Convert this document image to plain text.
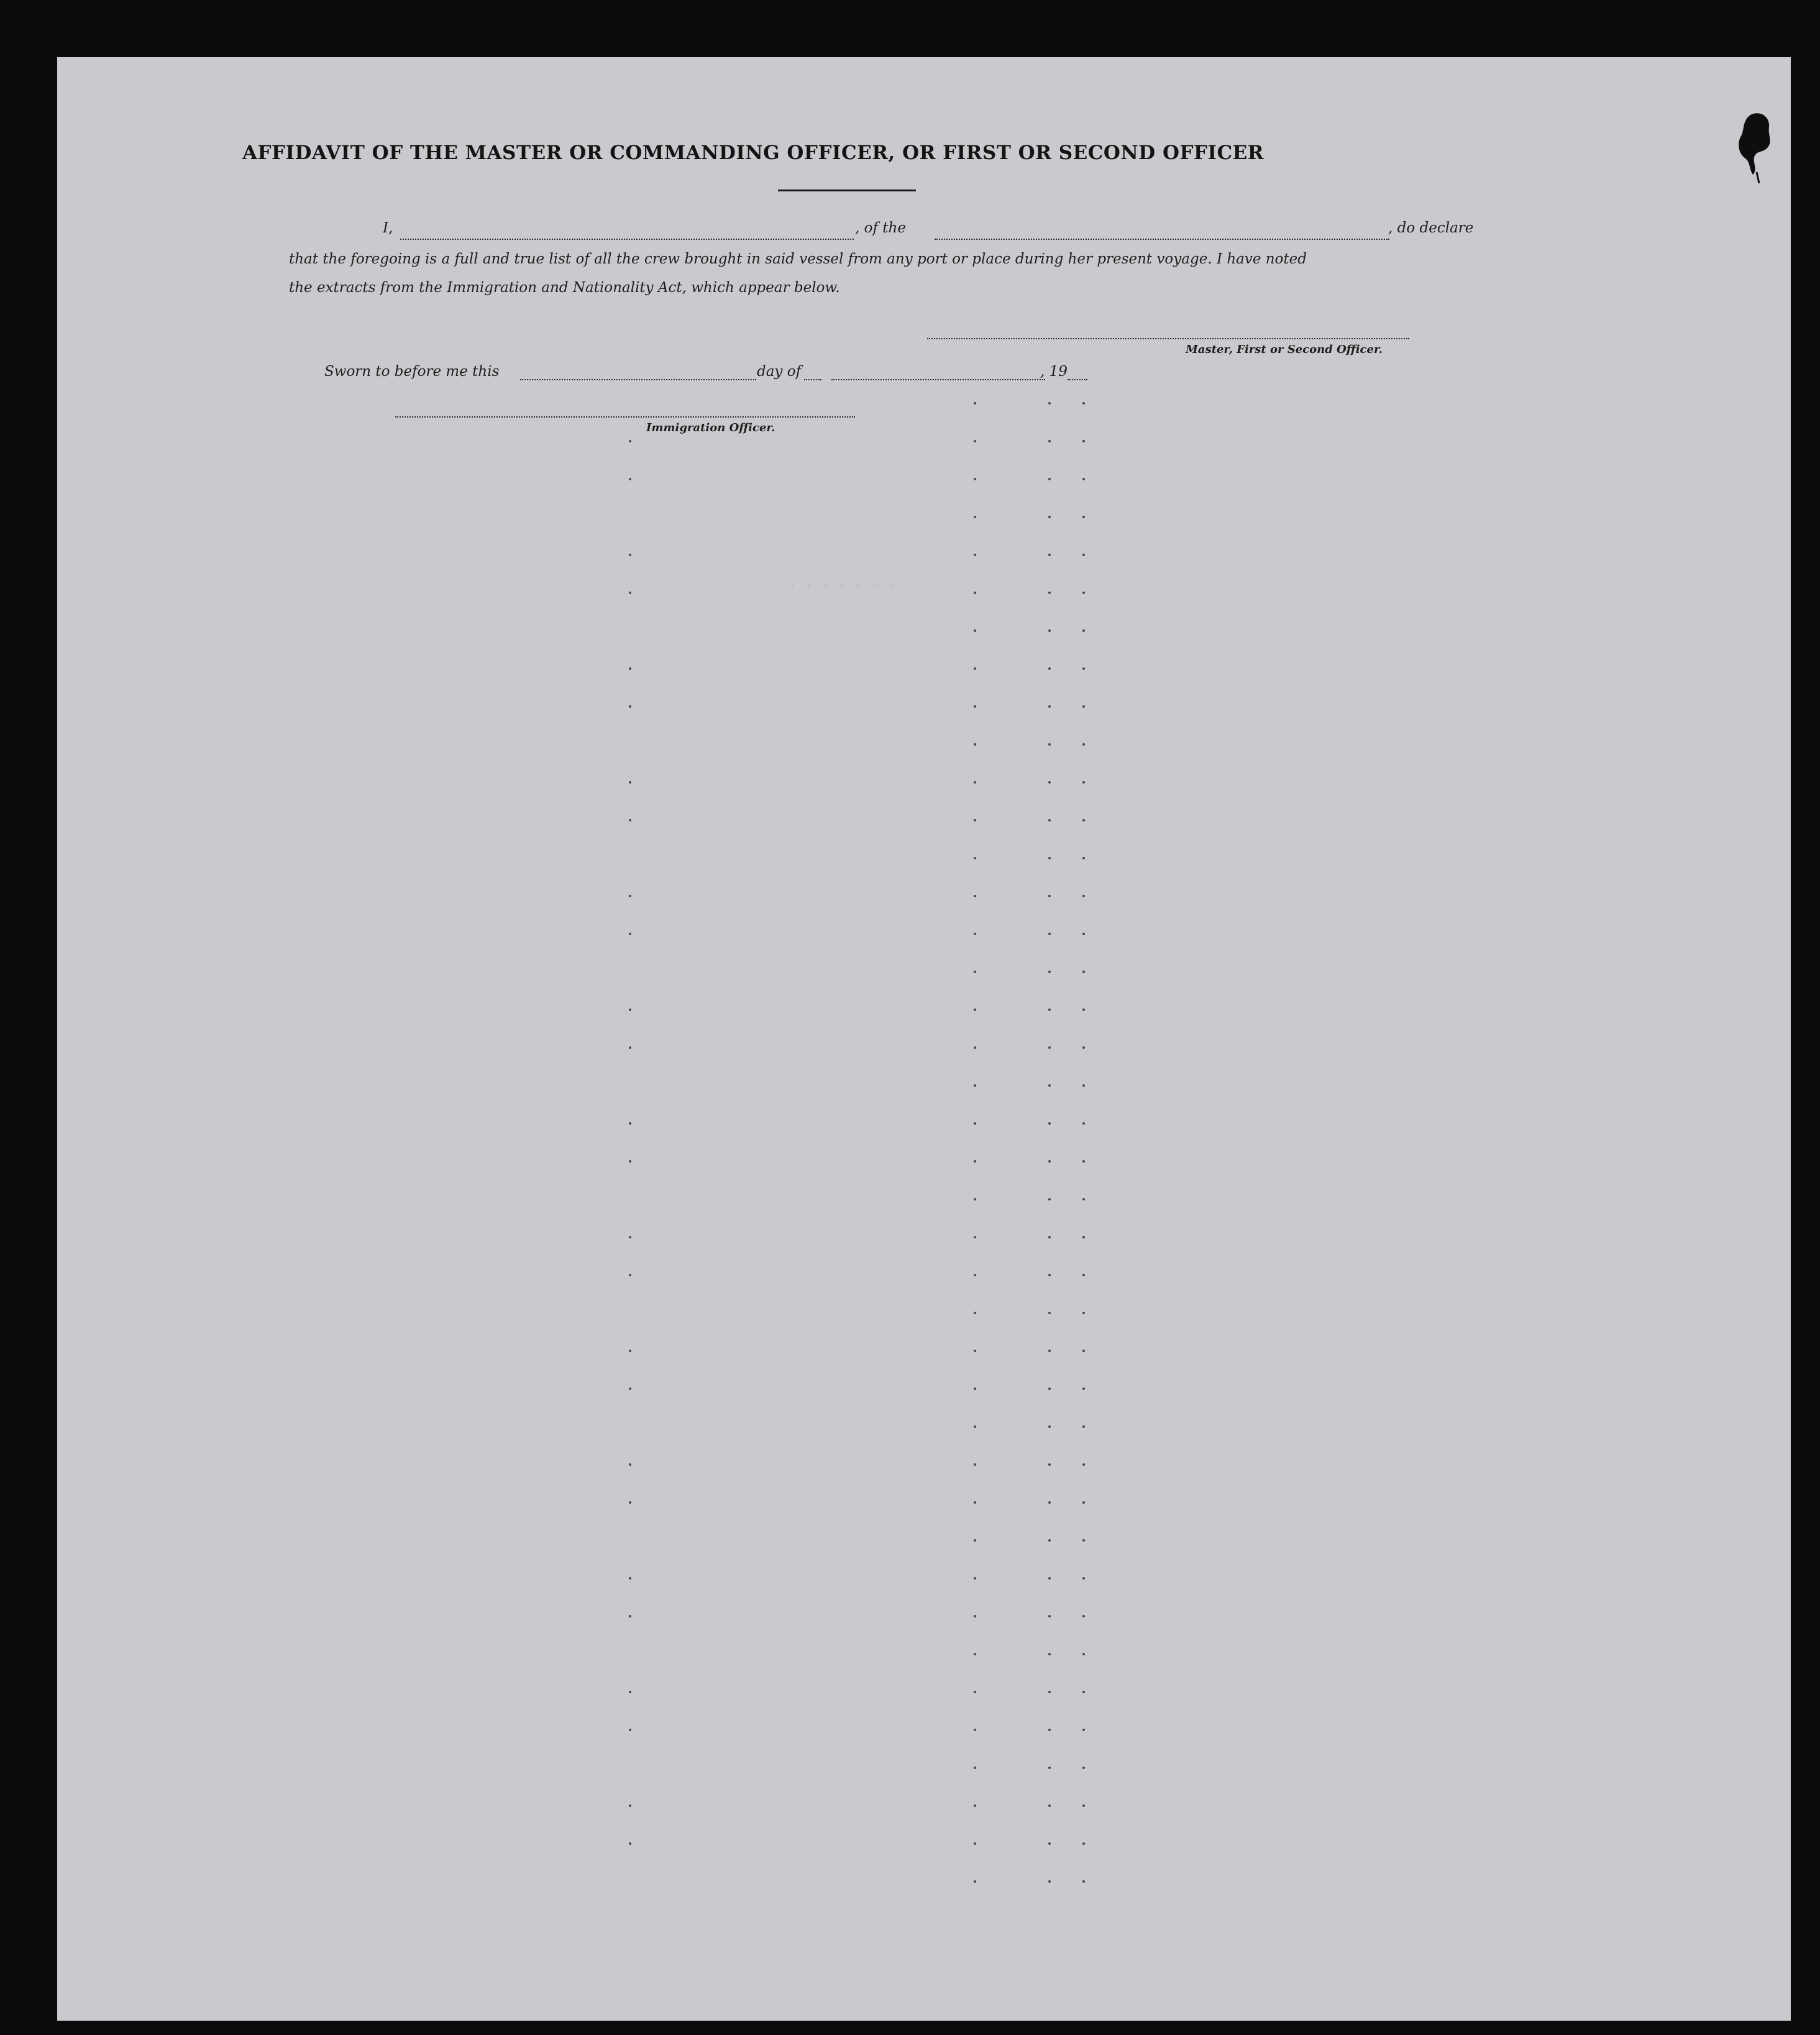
AFFIDAVIT OF THE MASTER OR COMMANDING OFFICER, OR FIRST OR SECOND OFFICER
I,	, of the	, do declare
that the foregoing is a full and true list of all the crew brought in said vessel from any port or place during her present voyage. I have noted
the extracts from the Immigration and Nationality Act, which appear below.
Master, First or Second Officer.
Sworn to before me this	day of	, 19
Immigration Officer.
· · · · · · · ·
